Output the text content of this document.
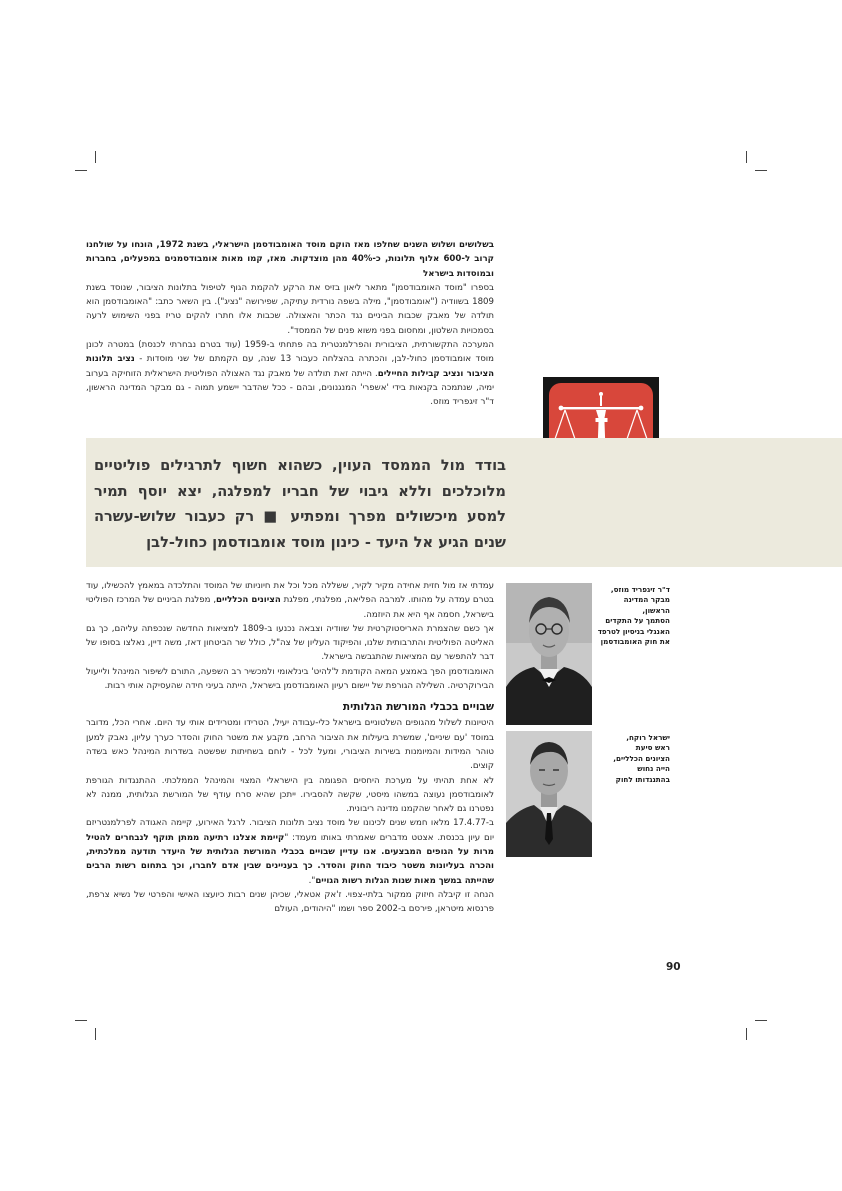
בשלושים ושלוש השנים שחלפו מאז הוקם מוסד האומבודסמן הישראלי, בשנת 1972, הונחו על שולחנו קרוב ל-600 אלוף תלונות, כ-40% מהן מוצדקות. מאז, קמו מאות אומבודסמנים במפעלים, בחברות ובמוסדות בישראל

בספרו "מוסד האומבודסמן" מתאר ליאון בזיס את הרקע להקמת הגוף לטיפול בתלונות הציבור, שנוסד בשנת 1809 בשוודיה ("אומבודסמן", מילה בשפה נורדית עתיקה, שפירושה "נציג"). בין השאר כתב: "האומבודסמן הוא תולדה של מאבק שכבות הביניים נגד הכתר והאצולה. שכבות אלו חתרו להקים טריז בפני השימוש לרעה בסמכויות השלטון, ומחסום בפני משוא פנים של הממסד".

המערכה התקשורתית, הציבורית והפרלמנטרית בה פתחתי ב-1959 (עוד בטרם נבחרתי לכנסת) במטרה לכונן מוסד אומבודסמן כחול-לבן, והכתרה בהצלחה כעבור 13 שנה, עם הקמתם של שני מוסדות - נציב תלונות הציבור ונציב קבילות החיילים. הייתה זאת תולדה של מאבק נגד האצולה הפוליטית הישראלית הזוחיקה בערוב ימיה, שנתמכה בקנאות בידי 'אשפרי' המנגנונים, ובהם - ככל שהדבר יישמע תמוה - גם מבקר המדינה הראשון, ד"ר זיגפריד מוזס.

בודד מול הממסד העוין, כשהוא חשוף לתרגילים פוליטיים מלוכלכים וללא גיבוי של חבריו למפלגה, יצא יוסף תמיר למסע מיכשולים מפרך ומפתיע ■ רק כעבור שלוש-עשרה שנים הגיע אל היעד - כינון מוסד אומבודסמן כחול-לבן

ד"ר זיגפריד מוזס,

מבקר המדינה הראשון,

הסתמך על התקדים

האנגלי בניסיון לטרפד

את חוק האומבודסמן

ישראל רוקח,

ראש סיעת

הציונים הכלליים,

הייה נחוש

בהתנגדותו לחוק

עמדתי אז מול חזית אחידה מקיר לקיר, ששללה מכל וכל את חיוניותו של המוסד והתלכדה במאמץ להכשילו, עוד בטרם עמדה על מהותו. למרבה הפליאה, מפלגתי, מפלגת הציונים הכלליים, מפלגת הביניים של המרכז הפוליטי בישראל, חסמה אף היא את היוזמה.

אך כשם שהצמרת האריסטוקרטית של שוודיה וצבאה נכנעו ב-1809 למציאות החדשה שנכפתה עליהם, כך גם האליטה הפוליטית והתרבותית שלנו, והפיקוד העליון של צה"ל, כולל שר הביטחון דאז, משה דיין, נאלצו בסופו של דבר להתפשר עם המציאות שהתגבשה בישראל.

האומבודסמן הפך באמצע המאה הקודמת ל'להיט' בינלאומי ולמכשיר רב השפעה, התורם לשיפור המינהל ולייעול הבירוקרטיה. השלילה הגורפת של יישום רעיון האומבודסמן בישראל, הייתה בעיני חידה שהעסיקה אותי רבות.

שבויים בכבלי המורשת הגלותית

היטיונות לשלול מהגופים השלטוניים בישראל כלי-עבודה יעיל, הטרידו ומטרידים אותי עד היום. אחרי הכל, מדובר במוסד 'עם שיניים', שמשרת ביעילות את הציבור הרחב, מקבע את משטר החוק והסדר כערך עליון, נאבק למען טוהר המידות והמיומנות בשירות הציבורי, ומעל לכל - לוחם בשחיתות שפשטה בשדרות המינהל כאש בשדה קוצים.

לא אחת תהיתי על מערכת היחסים הפגומה בין הישראלי המצוי והמינהל הממלכתי. ההתנגדות הגורפת לאומבודסמן נעוצה במשהו מיסטי, שקשה להסבירו. ייתכן שהיא סרח עודף של המורשת הגלותית, ממנה לא נפטרנו גם לאחר שהקמנו מדינה ריבונית.

ב-17.4.77 מלאו חמש שנים לכינונו של מוסד נציב תלונות הציבור. לרגל האירוע, קיימה האגודה לפרלמנטריזם יום עיון בכנסת. אצטט מדברים שאמרתי באותו מעמד: "קיימת אצלנו רתיעה ממתן תוקף לנבחרים להטיל מרות על הגופים המבצעים. אנו עדיין שבויים בכבלי המורשת הגלותית של היעדר תודעה ממלכתית, והכרה בעליונות משטר כיבוד החוק והסדר. כך בעניינים שבין אדם לחברו, וכך בתחום רשות הרבים שהייתה במשך מאות שנות הגלות רשות הגויים".

הנחה זו קיבלה חיזוק ממקור בלתי-צפוי. ז'אק אטאלי, שכיהן שנים רבות כיועצו האישי והפרטי של נשיא צרפת, פרנסוא מיטראן, פירסם ב-2002 ספר ושמו "היהודים, העולם

90
